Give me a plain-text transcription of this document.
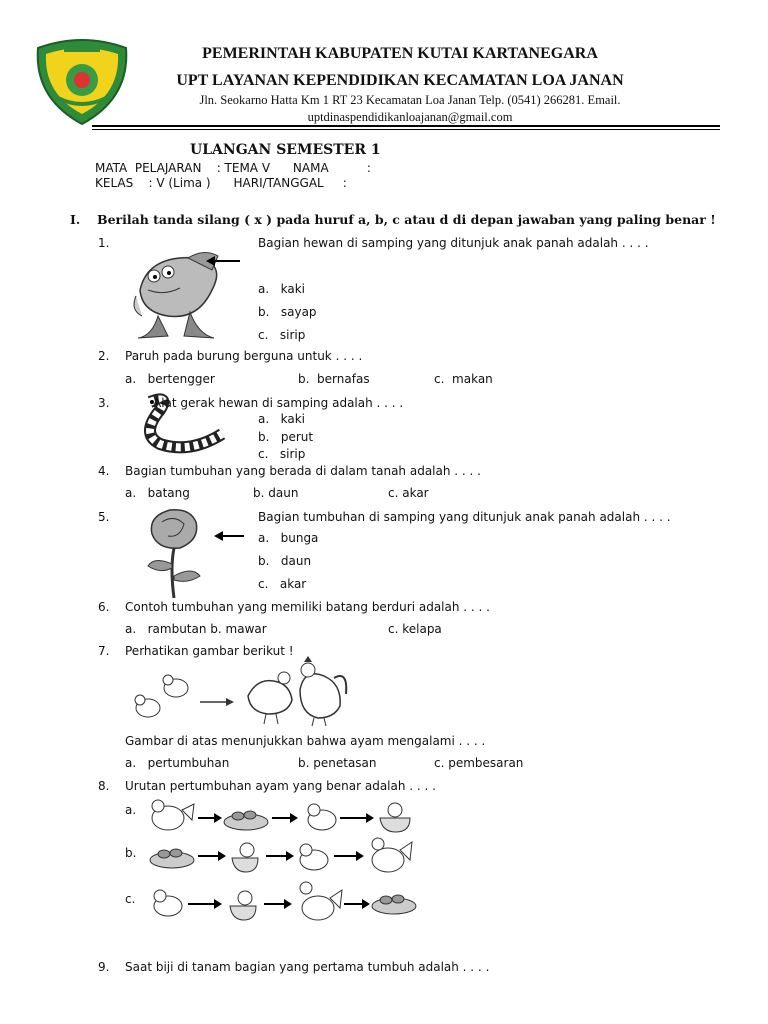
PEMERINTAH KABUPATEN KUTAI KARTANEGARA
UPT LAYANAN KEPENDIDIKAN KECAMATAN LOA JANAN
Jln. Seokarno Hatta Km 1 RT 23 Kecamatan Loa Janan Telp. (0541) 266281. Email.
uptdinaspendidikanloajanan@gmail.com
ULANGAN SEMESTER 1
MATA  PELAJARAN    : TEMA V      NAMA          :
KELAS    : V (Lima )      HARI/TANGGAL     :
I. Berilah tanda silang ( x ) pada huruf a, b, c atau d di depan jawaban yang paling benar !
1.	Bagian hewan di samping yang ditunjuk anak panah adalah . . . .
a.   kaki
b.   sayap
c.   sirip
2. Paruh pada burung berguna untuk . . . .
a.   bertengger	b.  bernafas	c.  makan
3.	Alat gerak hewan di samping adalah . . . .
a.   kaki
b.   perut
c.   sirip
4. Bagian tumbuhan yang berada di dalam tanah adalah . . . .
a.   batang	b. daun	c. akar
5.	Bagian tumbuhan di samping yang ditunjuk anak panah adalah . . . .
a.   bunga
b.   daun
c.   akar
6. Contoh tumbuhan yang memiliki batang berduri adalah . . . .
a.   rambutan b. mawar	c. kelapa
7. Perhatikan gambar berikut !
Gambar di atas menunjukkan bahwa ayam mengalami . . . .
a.   pertumbuhan	b. penetasan	c. pembesaran
8. Urutan pertumbuhan ayam yang benar adalah . . . .
a.
b.
c.
9. Saat biji di tanam bagian yang pertama tumbuh adalah . . . .
